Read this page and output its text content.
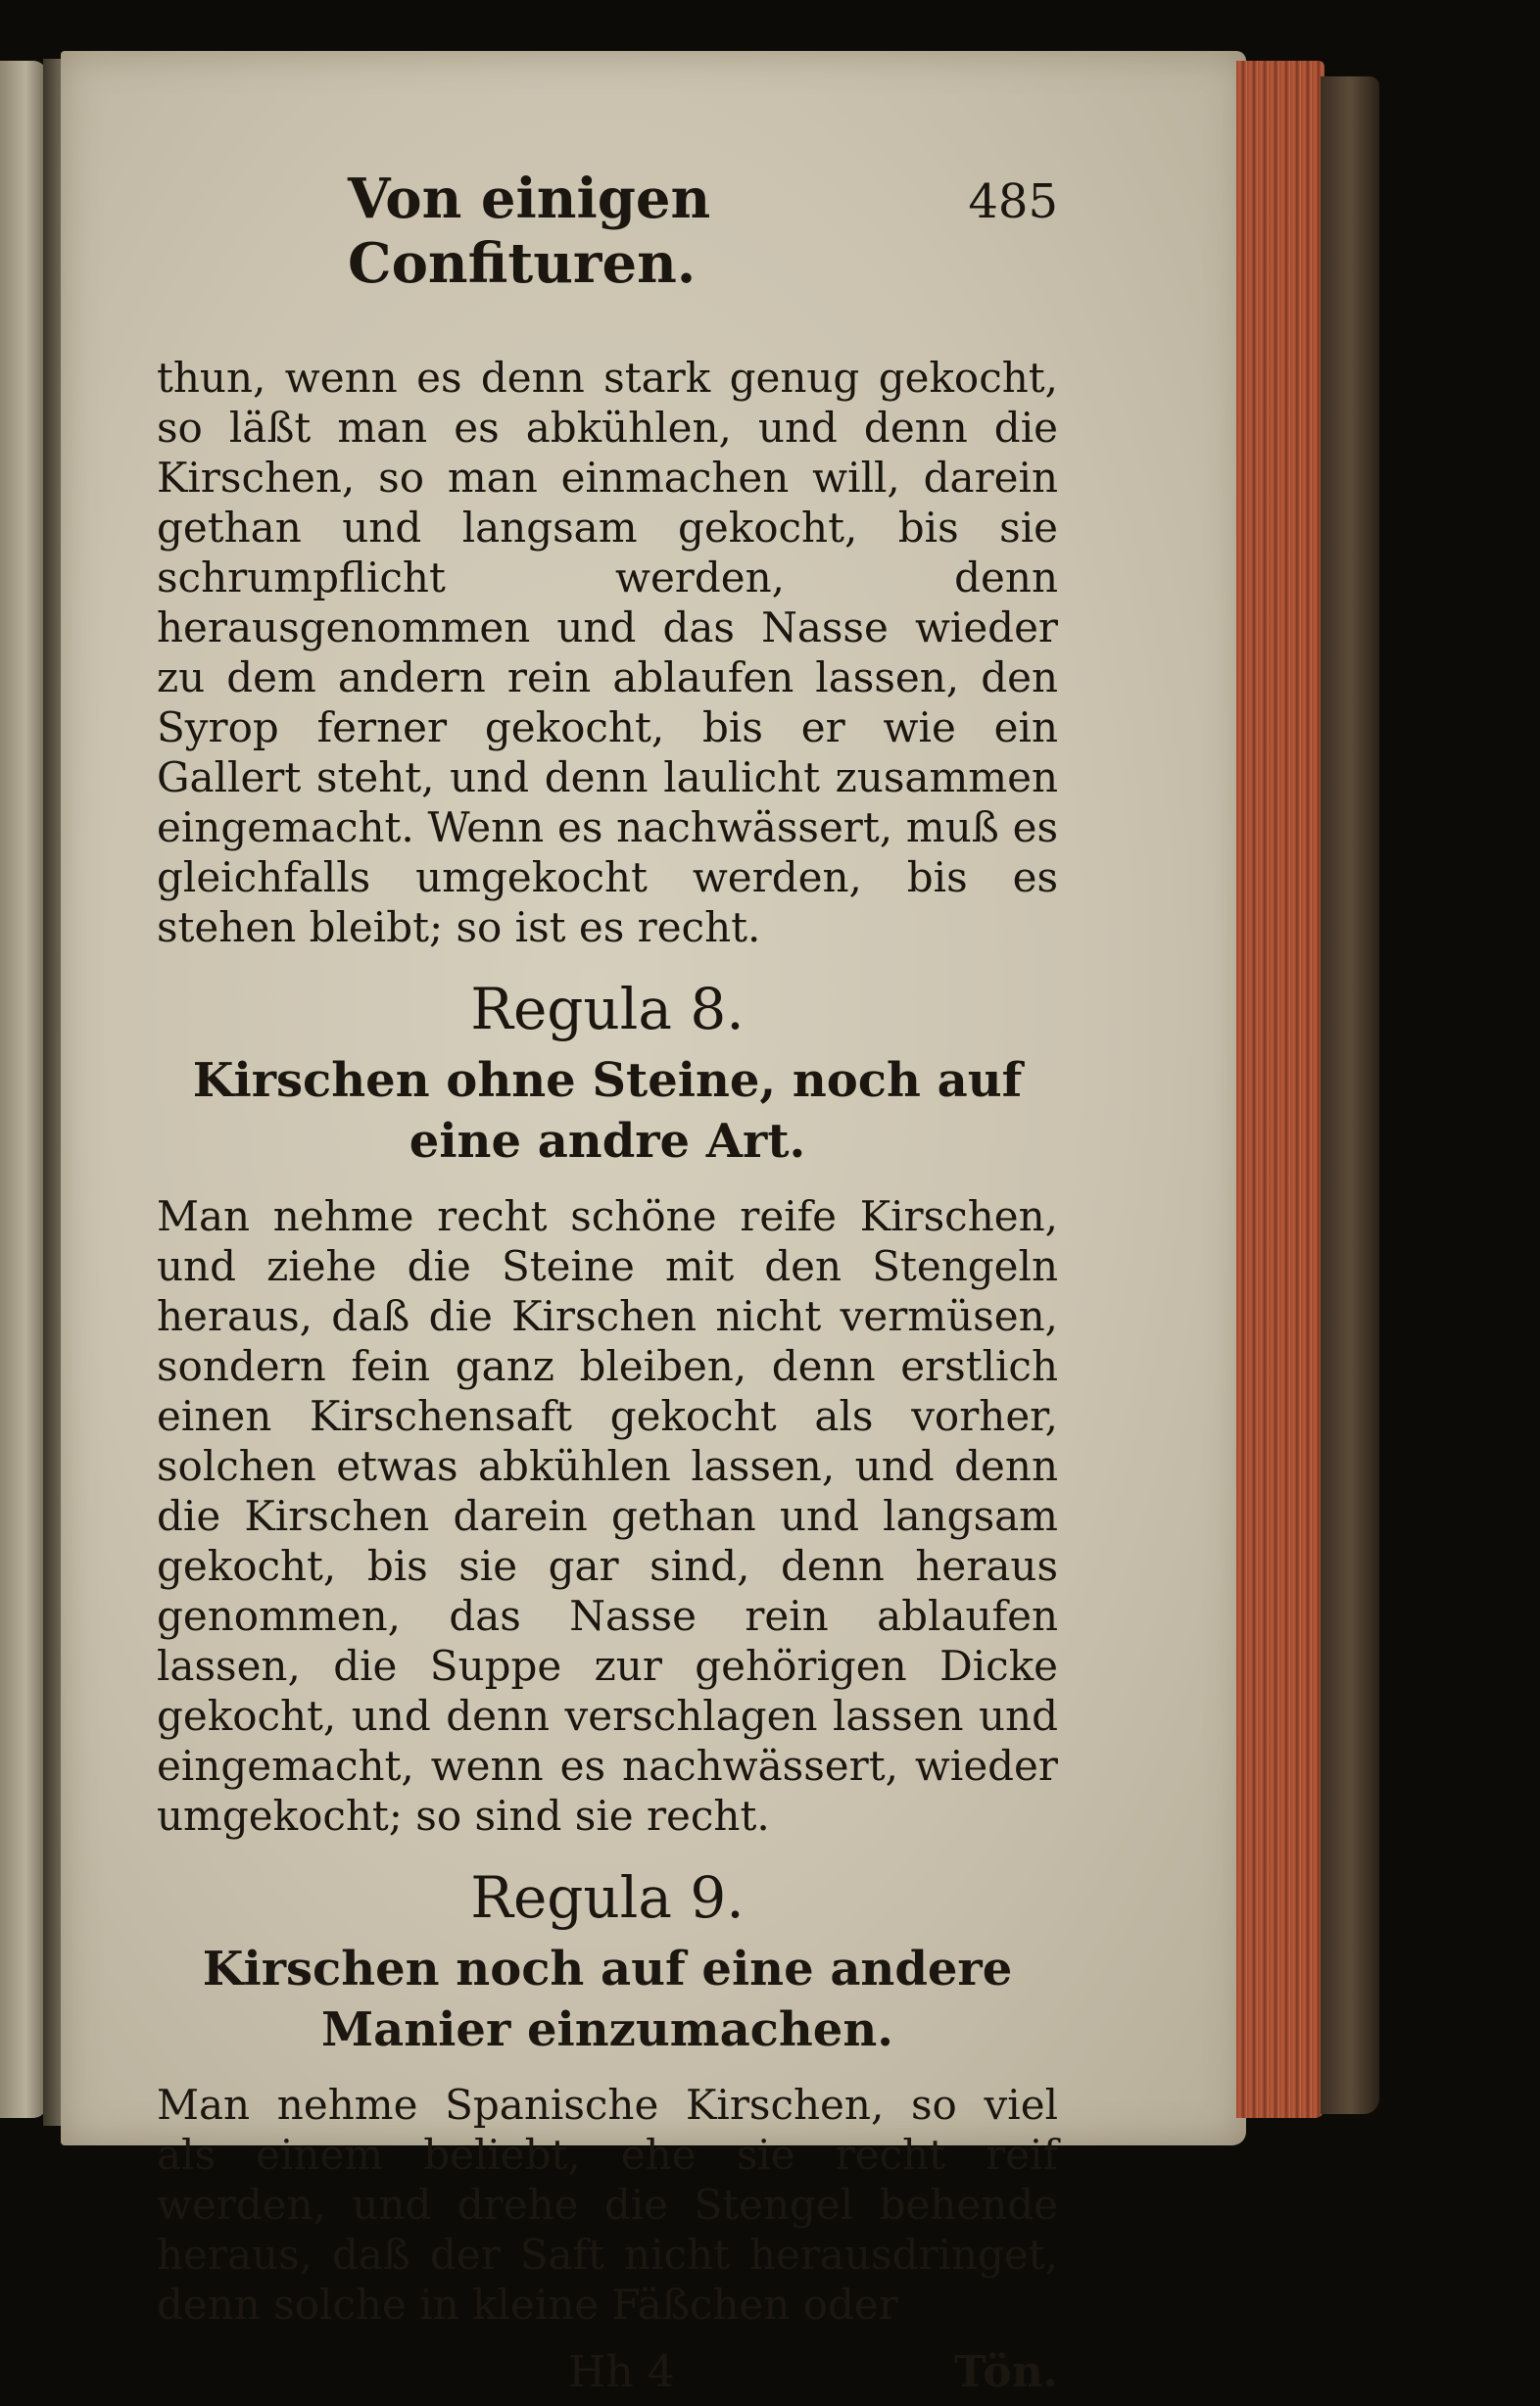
Von einigen Confituren.
485

thun, wenn es denn stark genug gekocht, so läßt man es abkühlen, und denn die Kirschen, so man einmachen will, darein gethan und langsam gekocht, bis sie schrumpflicht werden, denn herausgenommen und das Nasse wieder zu dem andern rein ablaufen lassen, den Syrop ferner gekocht, bis er wie ein Gallert steht, und denn laulicht zusammen eingemacht. Wenn es nachwässert, muß es gleichfalls umgekocht werden, bis es stehen bleibt; so ist es recht.

Regula 8.
Kirschen ohne Steine, noch auf eine andre Art.

Man nehme recht schöne reife Kirschen, und ziehe die Steine mit den Stengeln heraus, daß die Kirschen nicht vermüsen, sondern fein ganz bleiben, denn erstlich einen Kirschensaft gekocht als vorher, solchen etwas abkühlen lassen, und denn die Kirschen darein gethan und langsam gekocht, bis sie gar sind, denn heraus genommen, das Nasse rein ablaufen lassen, die Suppe zur gehörigen Dicke gekocht, und denn verschlagen lassen und eingemacht, wenn es nachwässert, wieder umgekocht; so sind sie recht.

Regula 9.
Kirschen noch auf eine andere Manier einzumachen.

Man nehme Spanische Kirschen, so viel als einem beliebt, ehe sie recht reif werden, und drehe die Stengel behende heraus, daß der Saft nicht herausdringet, denn solche in kleine Fäßchen oder

Hh 4	Tön.
